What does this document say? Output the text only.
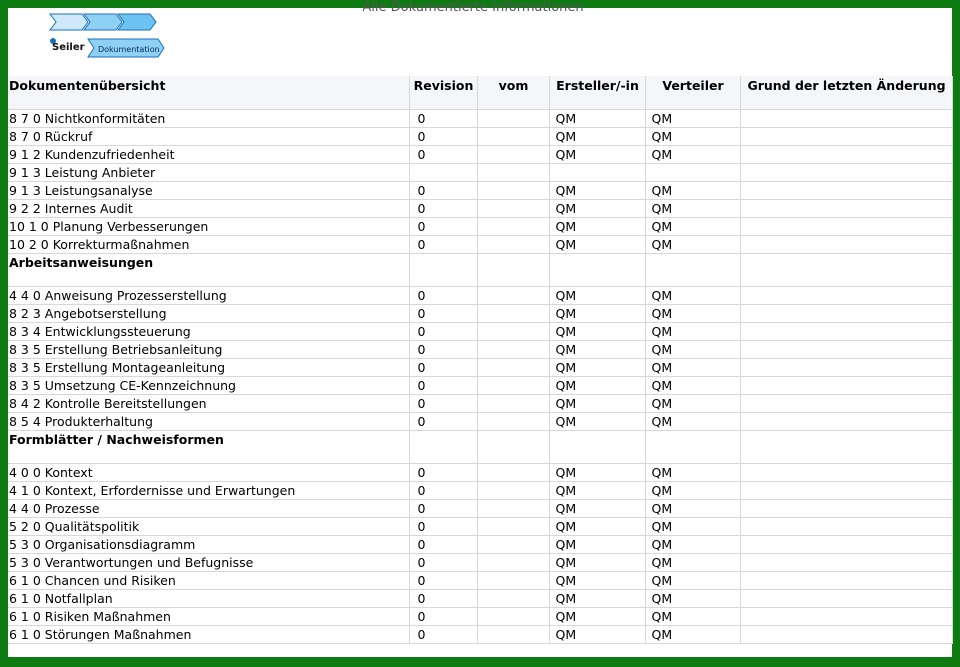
Alle Dokumentierte Informationen
Seiler Dokumentation
Dokumentenübersicht	Revision	vom	Ersteller/-in	Verteiler	Grund der letzten Änderung
8 7 0 Nichtkonformitäten	0		QM	QM	
8 7 0 Rückruf	0		QM	QM	
9 1 2 Kundenzufriedenheit	0		QM	QM	
9 1 3 Leistung Anbieter					
9 1 3 Leistungsanalyse	0		QM	QM	
9 2 2 Internes Audit	0		QM	QM	
10 1 0 Planung Verbesserungen	0		QM	QM	
10 2 0 Korrekturmaßnahmen	0		QM	QM	
Arbeitsanweisungen					
4 4 0 Anweisung Prozesserstellung	0		QM	QM	
8 2 3 Angebotserstellung	0		QM	QM	
8 3 4 Entwicklungssteuerung	0		QM	QM	
8 3 5 Erstellung Betriebsanleitung	0		QM	QM	
8 3 5 Erstellung Montageanleitung	0		QM	QM	
8 3 5 Umsetzung CE-Kennzeichnung	0		QM	QM	
8 4 2 Kontrolle Bereitstellungen	0		QM	QM	
8 5 4 Produkterhaltung	0		QM	QM	
Formblätter / Nachweisformen					
4 0 0 Kontext	0		QM	QM	
4 1 0 Kontext, Erfordernisse und Erwartungen	0		QM	QM	
4 4 0 Prozesse	0		QM	QM	
5 2 0 Qualitätspolitik	0		QM	QM	
5 3 0 Organisationsdiagramm	0		QM	QM	
5 3 0 Verantwortungen und Befugnisse	0		QM	QM	
6 1 0 Chancen und Risiken	0		QM	QM	
6 1 0 Notfallplan	0		QM	QM	
6 1 0 Risiken Maßnahmen	0		QM	QM	
6 1 0 Störungen Maßnahmen	0		QM	QM	
